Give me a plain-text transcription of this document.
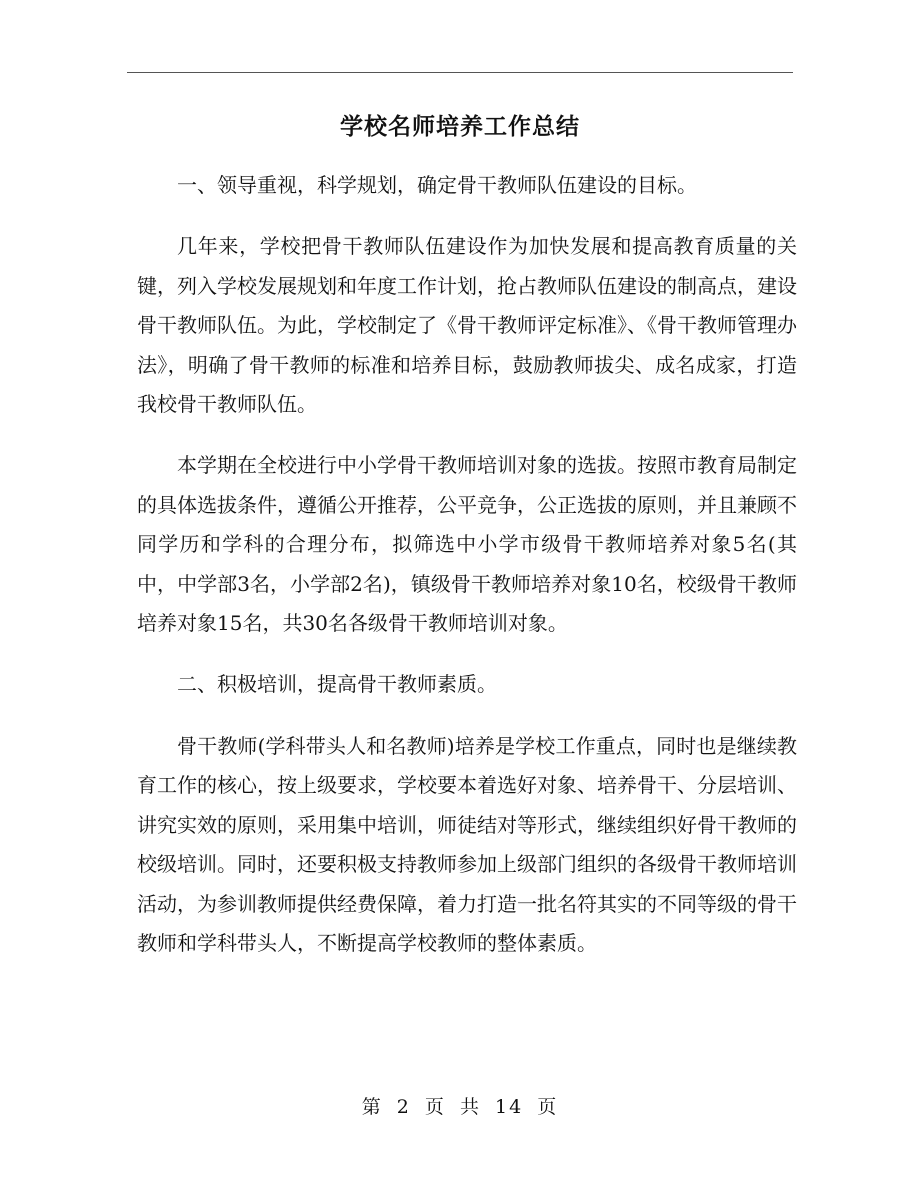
学校名师培养工作总结

一、领导重视，科学规划，确定骨干教师队伍建设的目标。

几年来，学校把骨干教师队伍建设作为加快发展和提高教育质量的关键，列入学校发展规划和年度工作计划，抢占教师队伍建设的制高点，建设骨干教师队伍。为此，学校制定了《骨干教师评定标准》、《骨干教师管理办法》，明确了骨干教师的标准和培养目标，鼓励教师拔尖、成名成家，打造我校骨干教师队伍。

本学期在全校进行中小学骨干教师培训对象的选拔。按照市教育局制定的具体选拔条件，遵循公开推荐，公平竞争，公正选拔的原则，并且兼顾不同学历和学科的合理分布，拟筛选中小学市级骨干教师培养对象5名(其中，中学部3名，小学部2名)，镇级骨干教师培养对象10名，校级骨干教师培养对象15名，共30名各级骨干教师培训对象。

二、积极培训，提高骨干教师素质。

骨干教师(学科带头人和名教师)培养是学校工作重点，同时也是继续教育工作的核心，按上级要求，学校要本着选好对象、培养骨干、分层培训、讲究实效的原则，采用集中培训，师徒结对等形式，继续组织好骨干教师的校级培训。同时，还要积极支持教师参加上级部门组织的各级骨干教师培训活动，为参训教师提供经费保障，着力打造一批名符其实的不同等级的骨干教师和学科带头人，不断提高学校教师的整体素质。

第 2 页 共 14 页
